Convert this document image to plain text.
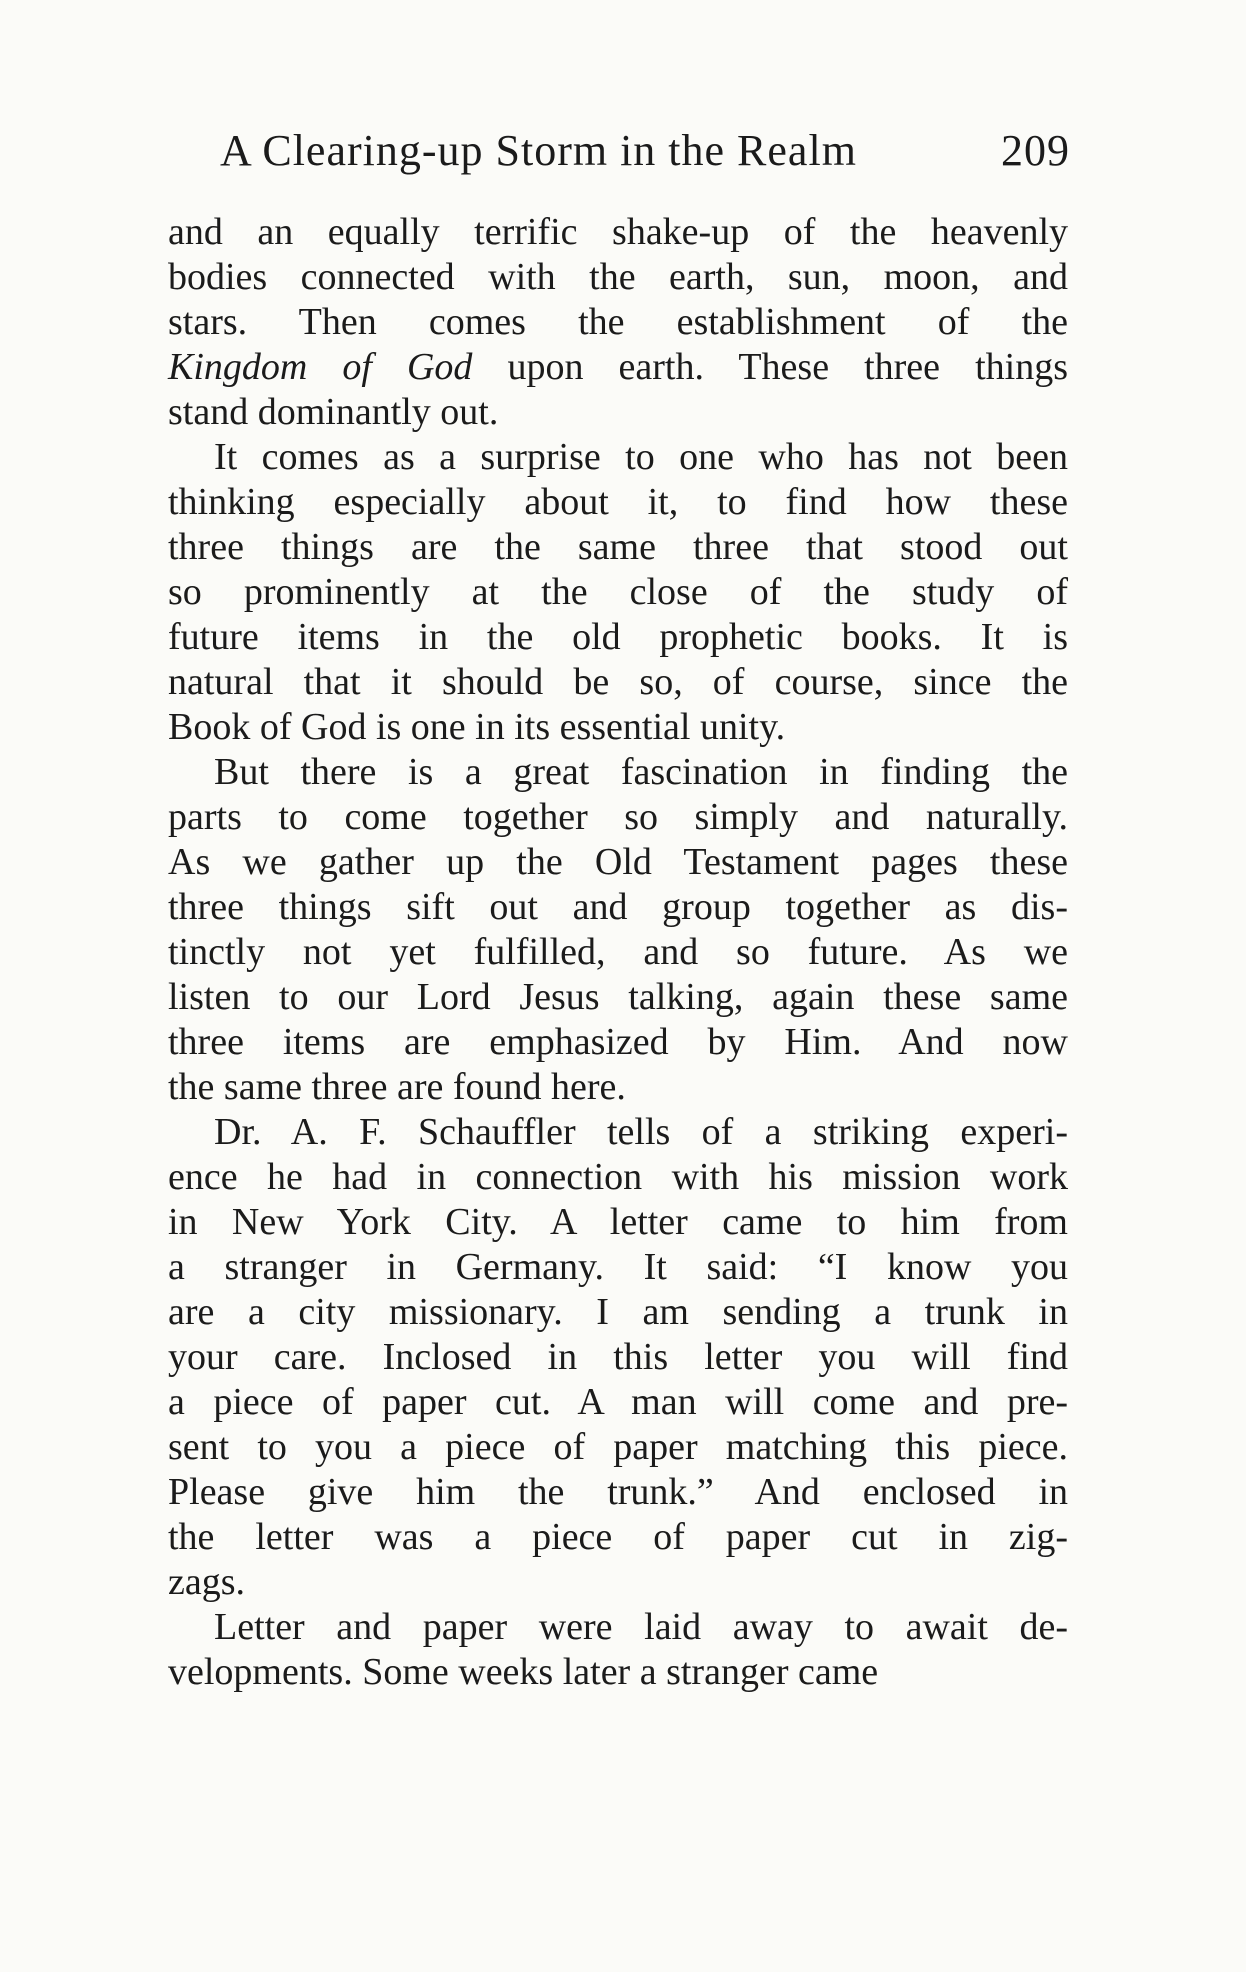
A Clearing-up Storm in the Realm	209
and an equally terrific shake-up of the heavenly
bodies connected with the earth, sun, moon, and
stars. Then comes the establishment of the
Kingdom of God upon earth. These three things
stand dominantly out.
It comes as a surprise to one who has not been
thinking especially about it, to find how these
three things are the same three that stood out
so prominently at the close of the study of
future items in the old prophetic books. It is
natural that it should be so, of course, since the
Book of God is one in its essential unity.
But there is a great fascination in finding the
parts to come together so simply and naturally.
As we gather up the Old Testament pages these
three things sift out and group together as dis-
tinctly not yet fulfilled, and so future. As we
listen to our Lord Jesus talking, again these same
three items are emphasized by Him. And now
the same three are found here.
Dr. A. F. Schauffler tells of a striking experi-
ence he had in connection with his mission work
in New York City. A letter came to him from
a stranger in Germany. It said: “I know you
are a city missionary. I am sending a trunk in
your care. Inclosed in this letter you will find
a piece of paper cut. A man will come and pre-
sent to you a piece of paper matching this piece.
Please give him the trunk.” And enclosed in
the letter was a piece of paper cut in zig-
zags.
Letter and paper were laid away to await de-
velopments. Some weeks later a stranger came
